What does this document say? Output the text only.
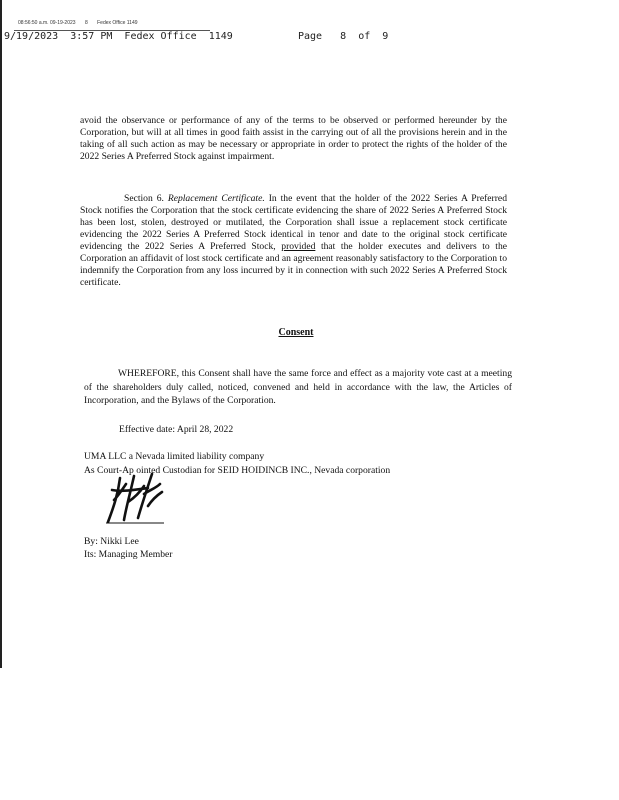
08:56:50 a.m. 09-19-2023 8 Fedex Office 1149
9/19/2023  3:57 PM Fedex Office  1149	Page   8  of  9
avoid the observance or performance of any of the terms to be observed or performed hereunder by the Corporation, but will at all times in good faith assist in the carrying out of all the provisions herein and in the taking of all such action as may be necessary or appropriate in order to protect the rights of the holder of the 2022 Series A Preferred Stock against impairment.
Section 6. Replacement Certificate. In the event that the holder of the 2022 Series A Preferred Stock notifies the Corporation that the stock certificate evidencing the share of 2022 Series A Preferred Stock has been lost, stolen, destroyed or mutilated, the Corporation shall issue a replacement stock certificate evidencing the 2022 Series A Preferred Stock identical in tenor and date to the original stock certificate evidencing the 2022 Series A Preferred Stock, provided that the holder executes and delivers to the Corporation an affidavit of lost stock certificate and an agreement reasonably satisfactory to the Corporation to indemnify the Corporation from any loss incurred by it in connection with such 2022 Series A Preferred Stock certificate.
Consent
WHEREFORE, this Consent shall have the same force and effect as a majority vote cast at a meeting of the shareholders duly called, noticed, convened and held in accordance with the law, the Articles of Incorporation, and the Bylaws of the Corporation.
Effective date: April 28, 2022
UMA LLC a Nevada limited liability company
As Court-Ap ointed Custodian for SEID HOIDINCB INC., Nevada corporation
By: Nikki Lee
Its: Managing Member
